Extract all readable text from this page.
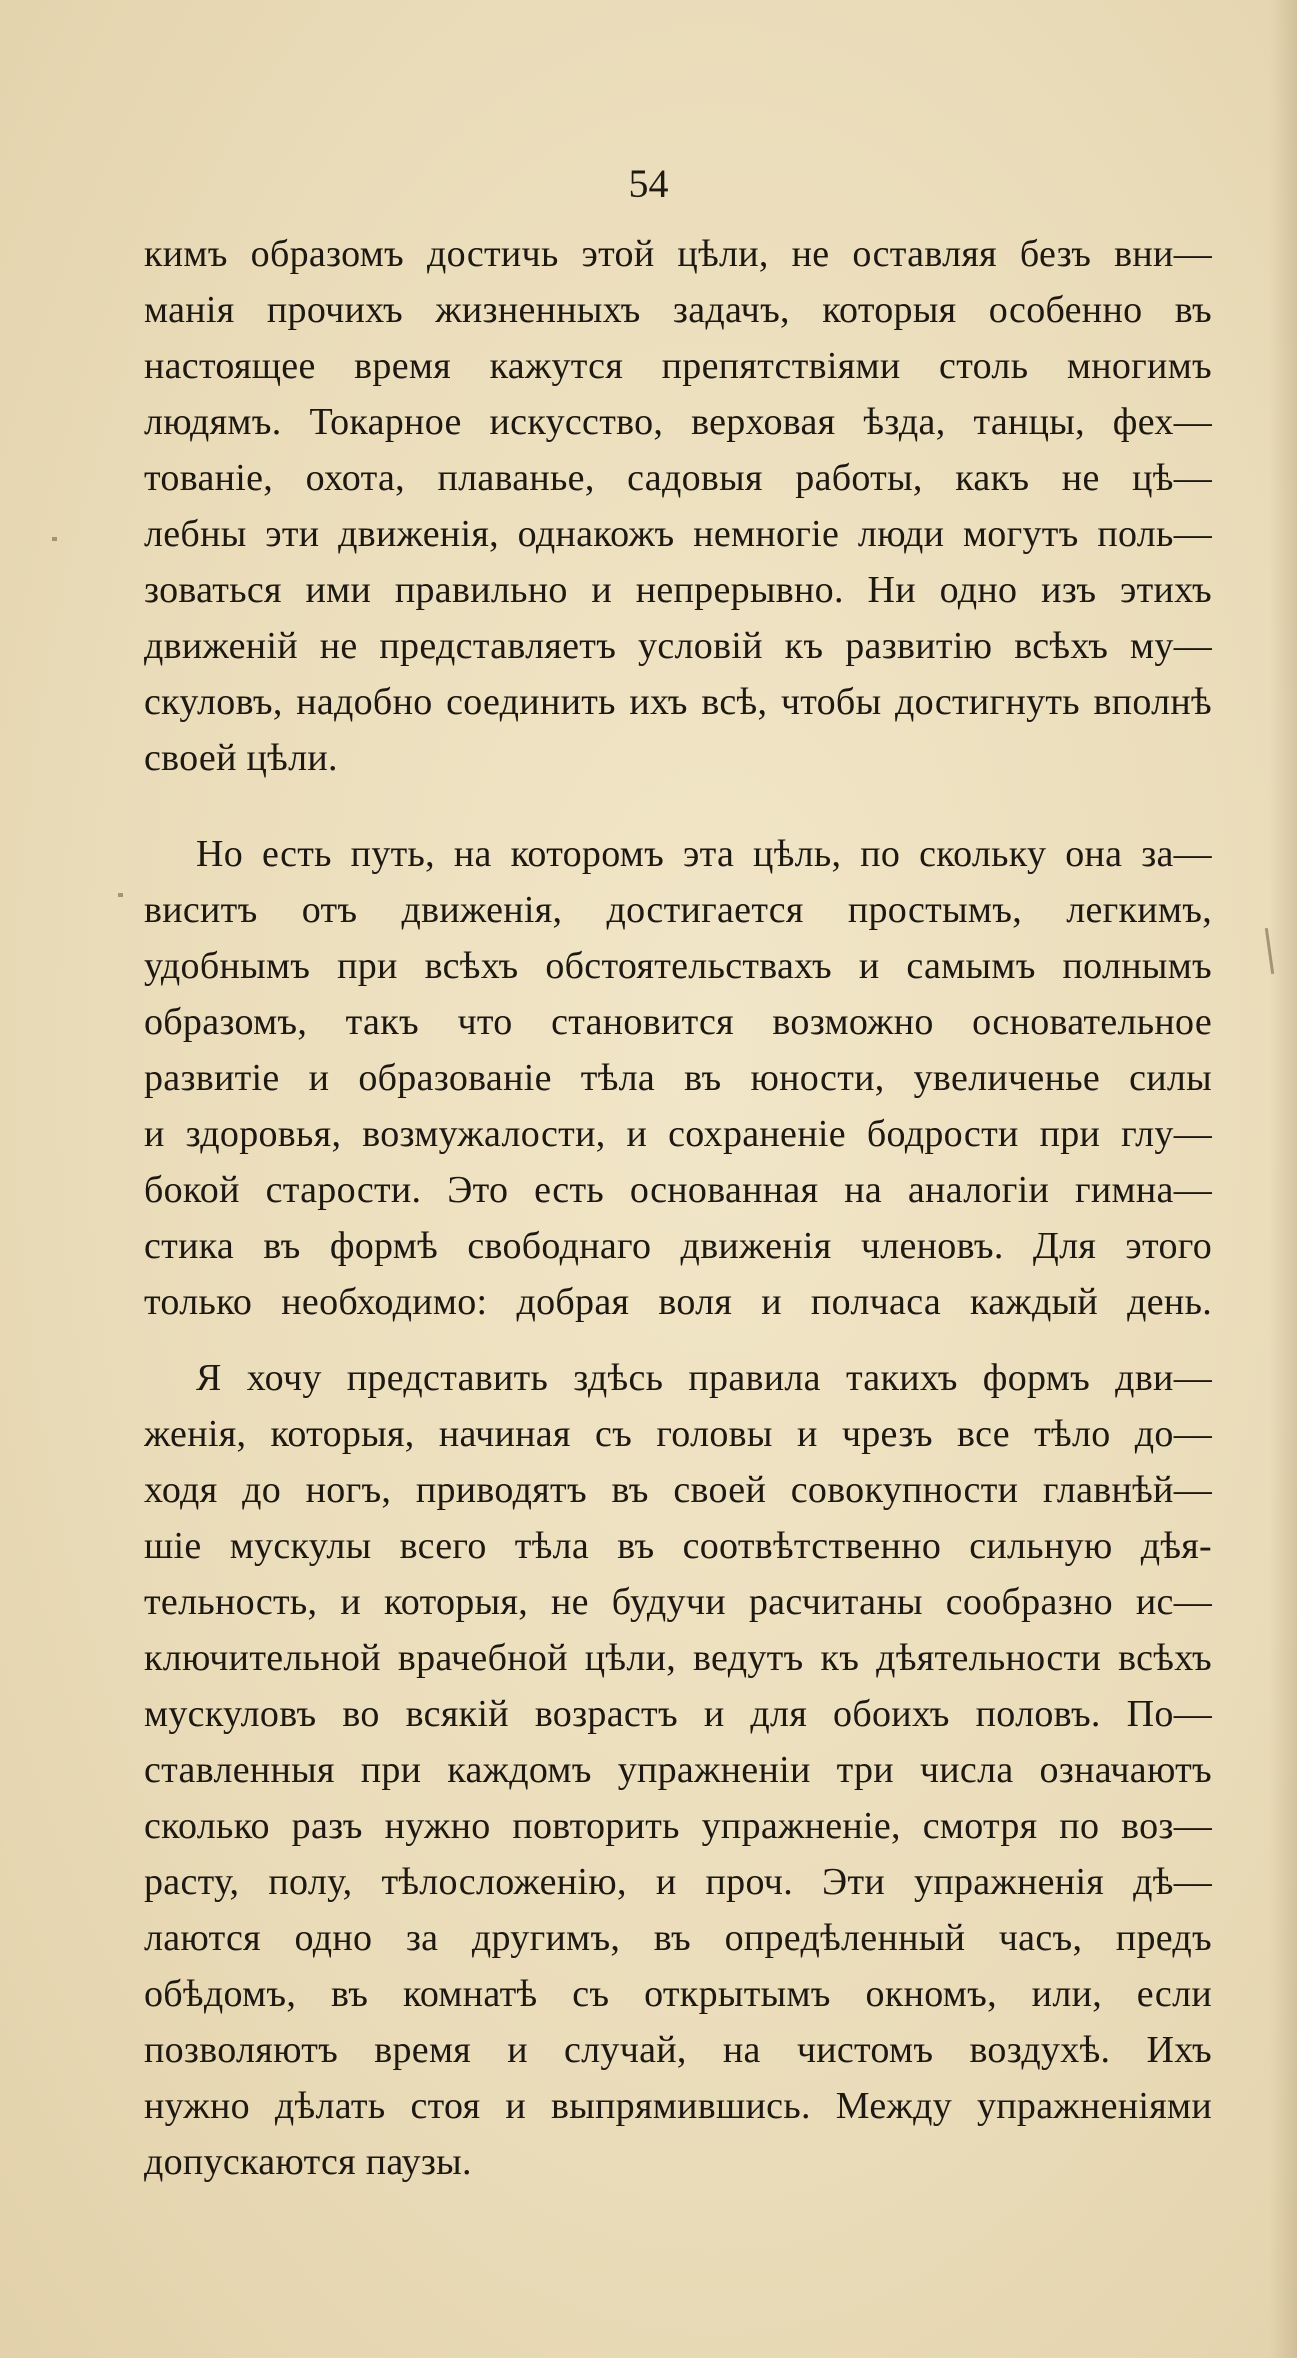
54
кимъ образомъ достичь этой цѣли, не оставляя безъ вни—
манія прочихъ жизненныхъ задачъ, которыя особенно въ
настоящее время кажутся препятствіями столь многимъ
людямъ. Токарное искусство, верховая ѣзда, танцы, фех—
тованіе, охота, плаванье, садовыя работы, какъ не цѣ—
лебны эти движенія, однакожъ немногіе люди могутъ поль—
зоваться ими правильно и непрерывно. Ни одно изъ этихъ
движеній не представляетъ условій къ развитію всѣхъ му—
скуловъ, надобно соединить ихъ всѣ, чтобы достигнуть вполнѣ
своей цѣли.
Но есть путь, на которомъ эта цѣль, по скольку она за—
виситъ отъ движенія, достигается простымъ, легкимъ,
удобнымъ при всѣхъ обстоятельствахъ и самымъ полнымъ
образомъ, такъ что становится возможно основательное
развитіе и образованіе тѣла въ юности, увеличенье силы
и здоровья, возмужалости, и сохраненіе бодрости при глу—
бокой старости. Это есть основанная на аналогіи гимна—
стика въ формѣ свободнаго движенія членовъ. Для этого
только необходимо: добрая воля и полчаса каждый день.
Я хочу представить здѣсь правила такихъ формъ дви—
женія, которыя, начиная съ головы и чрезъ все тѣло до—
ходя до ногъ, приводятъ въ своей совокупности главнѣй—
шіе мускулы всего тѣла въ соотвѣтственно сильную дѣя-
тельность, и которыя, не будучи расчитаны сообразно ис—
ключительной врачебной цѣли, ведутъ къ дѣятельности всѣхъ
мускуловъ во всякій возрастъ и для обоихъ половъ. По—
ставленныя при каждомъ упражненіи три числа означаютъ
сколько разъ нужно повторить упражненіе, смотря по воз—
расту, полу, тѣлосложенію, и проч. Эти упражненія дѣ—
лаются одно за другимъ, въ опредѣленный часъ, предъ
обѣдомъ, въ комнатѣ съ открытымъ окномъ, или, если
позволяютъ время и случай, на чистомъ воздухѣ. Ихъ
нужно дѣлать стоя и выпрямившись. Между упражненіями
допускаются паузы.
